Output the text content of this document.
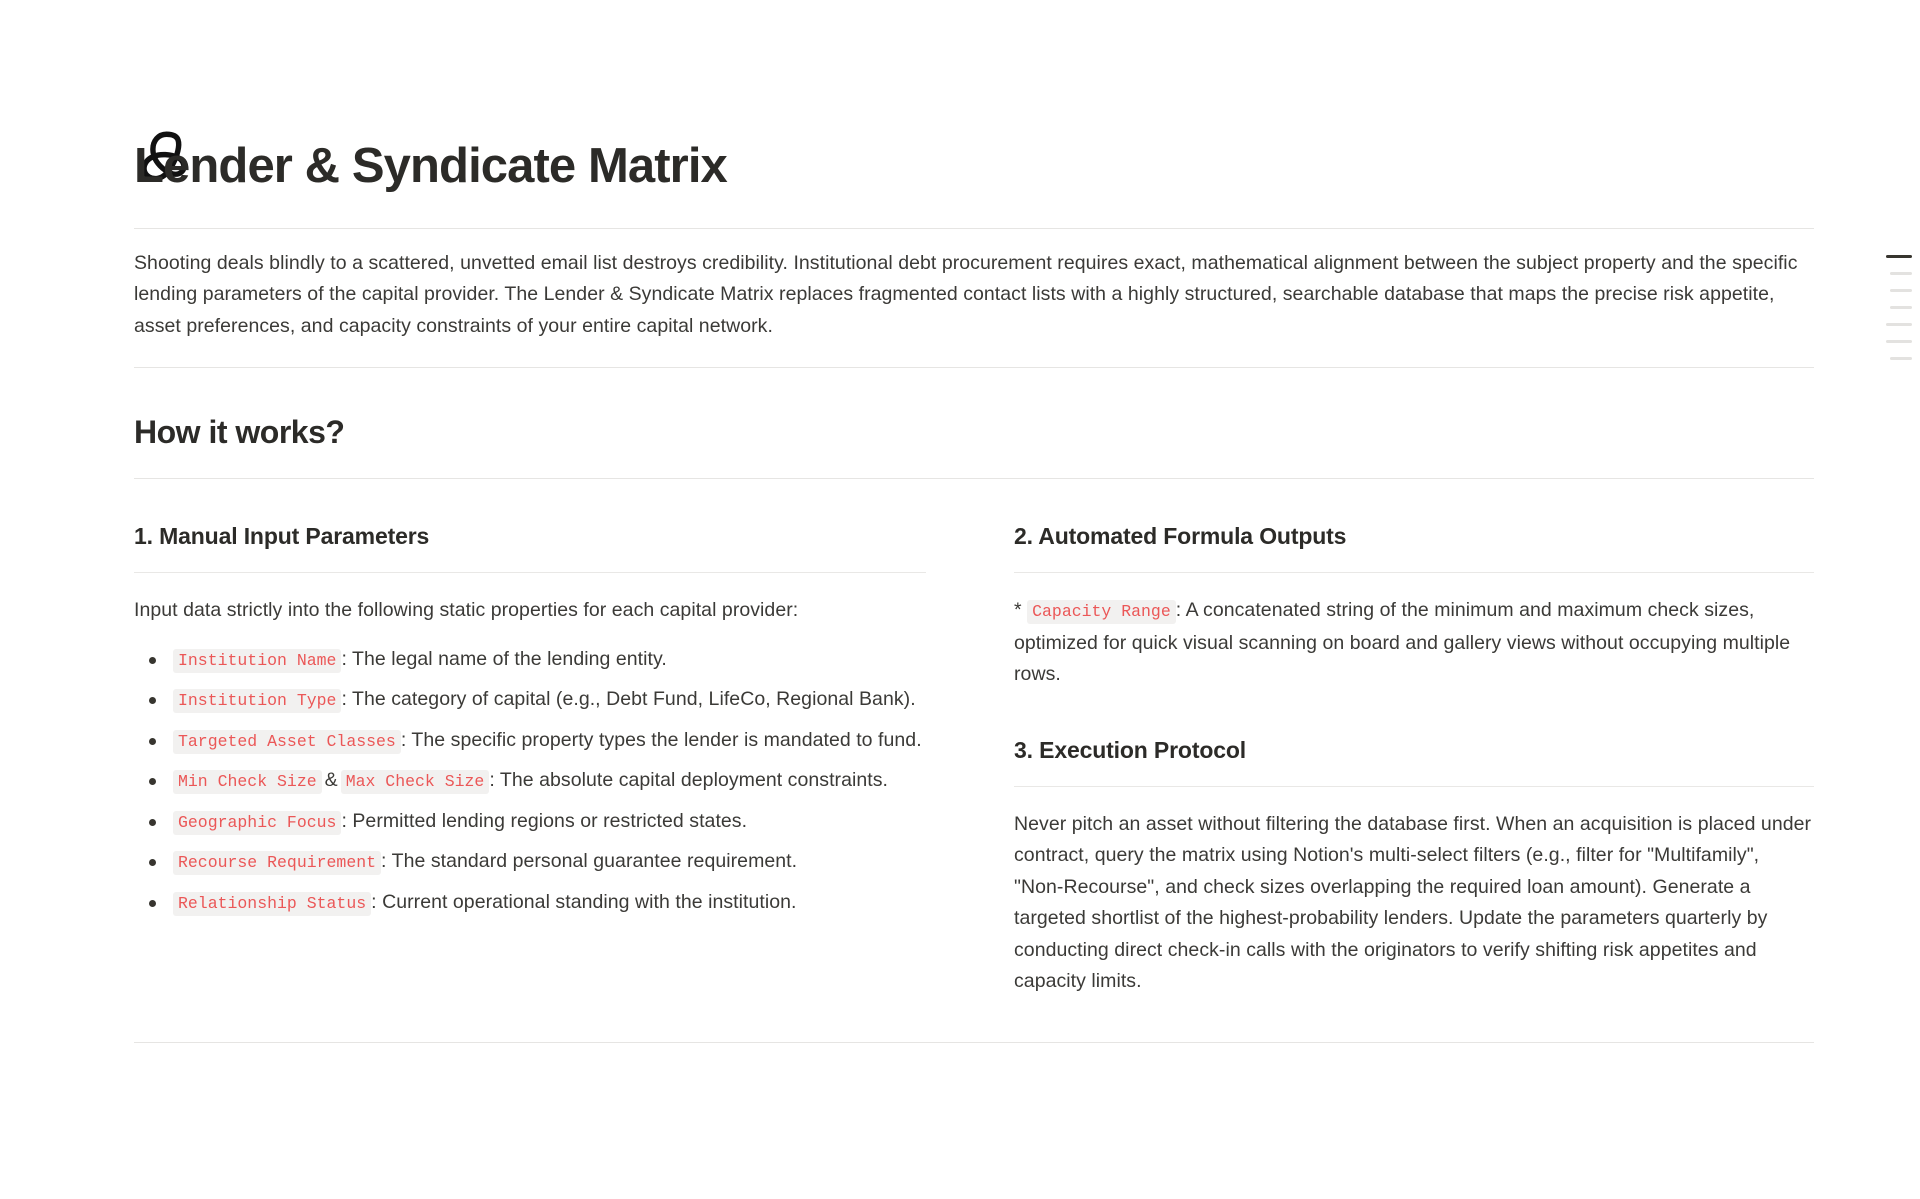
Lender & Syndicate Matrix

Shooting deals blindly to a scattered, unvetted email list destroys credibility. Institutional debt procurement requires exact, mathematical alignment between the subject property and the specific lending parameters of the capital provider. The Lender & Syndicate Matrix replaces fragmented contact lists with a highly structured, searchable database that maps the precise risk appetite, asset preferences, and capacity constraints of your entire capital network.

How it works?
1. Manual Input Parameters

Input data strictly into the following static properties for each capital provider:

Institution Name : The legal name of the lending entity.
Institution Type : The category of capital (e.g., Debt Fund, LifeCo, Regional Bank).
Targeted Asset Classes : The specific property types the lender is mandated to fund.
Min Check Size & Max Check Size : The absolute capital deployment constraints.
Geographic Focus : Permitted lending regions or restricted states.
Recourse Requirement : The standard personal guarantee requirement.
Relationship Status : Current operational standing with the institution.
2. Automated Formula Outputs

* Capacity Range : A concatenated string of the minimum and maximum check sizes, optimized for quick visual scanning on board and gallery views without occupying multiple rows.

3. Execution Protocol

Never pitch an asset without filtering the database first. When an acquisition is placed under contract, query the matrix using Notion's multi-select filters (e.g., filter for "Multifamily", "Non-Recourse", and check sizes overlapping the required loan amount). Generate a targeted shortlist of the highest-probability lenders. Update the parameters quarterly by conducting direct check-in calls with the originators to verify shifting risk appetites and capacity limits.
